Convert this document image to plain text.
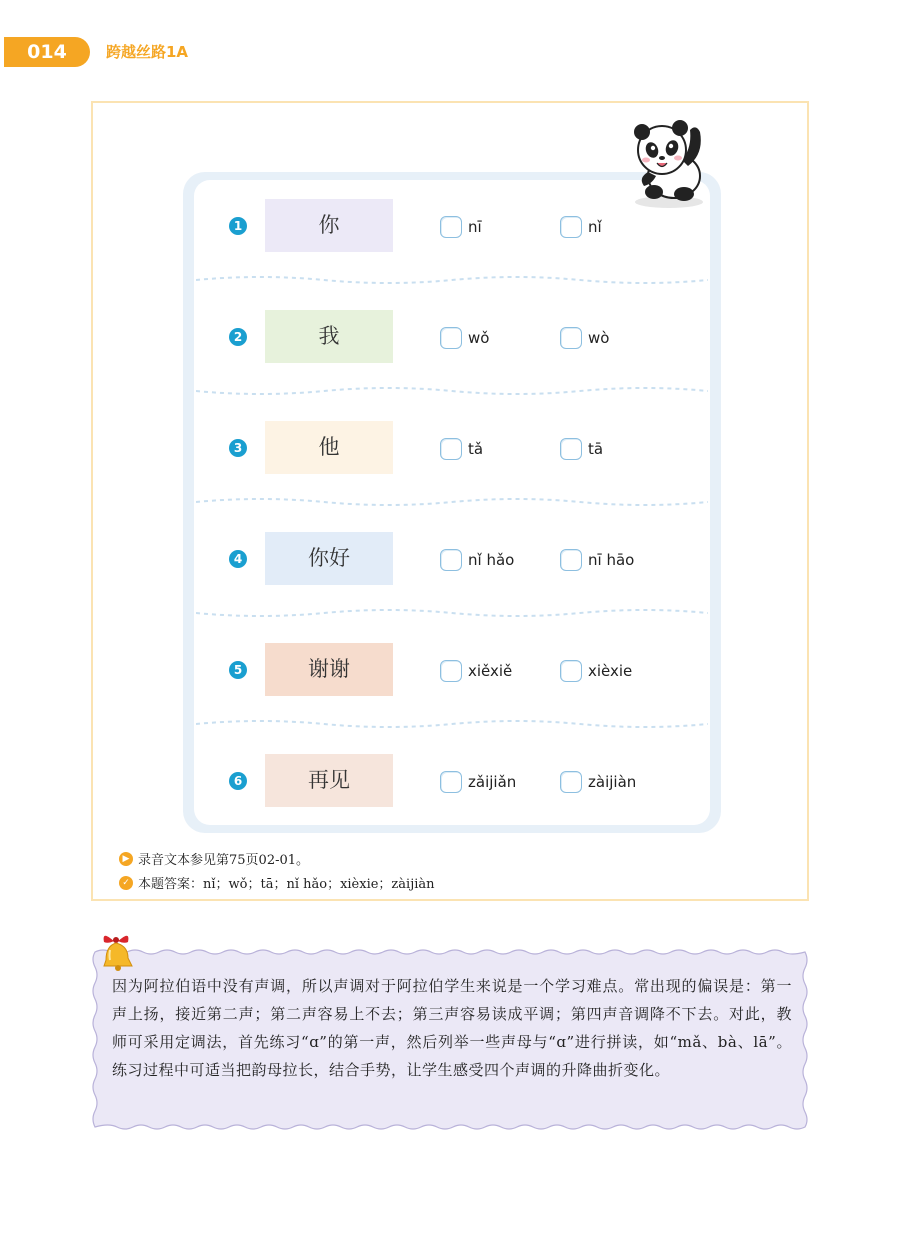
014	跨越丝路1A
1	你	nī	nǐ
2	我	wǒ	wò
3	他	tǎ	tā
4	你好	nǐ hǎo	nī hāo
5	谢谢	xiěxiě	xièxie
6	再见	zǎijiǎn	zàijiàn
▶ 录音文本参见第75页02-01。
✓ 本题答案：nǐ；wǒ；tā；nǐ hǎo；xièxie；zàijiàn
因为阿拉伯语中没有声调，所以声调对于阿拉伯学生来说是一个学习难点。常出现的偏误是：第一声上扬，接近第二声；第二声容易上不去；第三声容易读成平调；第四声音调降不下去。对此，教师可采用定调法，首先练习“ɑ”的第一声，然后列举一些声母与“ɑ”进行拼读，如“mǎ、bà、lā”。练习过程中可适当把韵母拉长，结合手势，让学生感受四个声调的升降曲折变化。
